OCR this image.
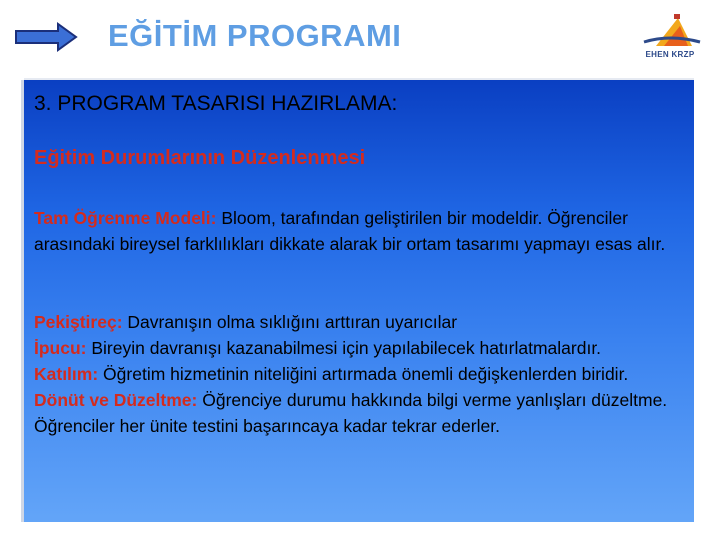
EĞİTİM PROGRAMI
EHEN KRZP
3. PROGRAM TASARISI HAZIRLAMA:
Eğitim Durumlarının Düzenlenmesi
Tam Öğrenme Modeli: Bloom, tarafından geliştirilen bir modeldir. Öğrenciler arasındaki bireysel farklılıkları dikkate alarak bir ortam tasarımı yapmayı esas alır.
Pekiştireç: Davranışın olma sıklığını arttıran uyarıcılar
İpucu: Bireyin davranışı kazanabilmesi için yapılabilecek hatırlatmalardır.
Katılım: Öğretim hizmetinin niteliğini artırmada önemli değişkenlerden biridir.
Dönüt ve Düzeltme: Öğrenciye durumu hakkında bilgi verme yanlışları düzeltme.
Öğrenciler her ünite testini başarıncaya kadar tekrar ederler.
